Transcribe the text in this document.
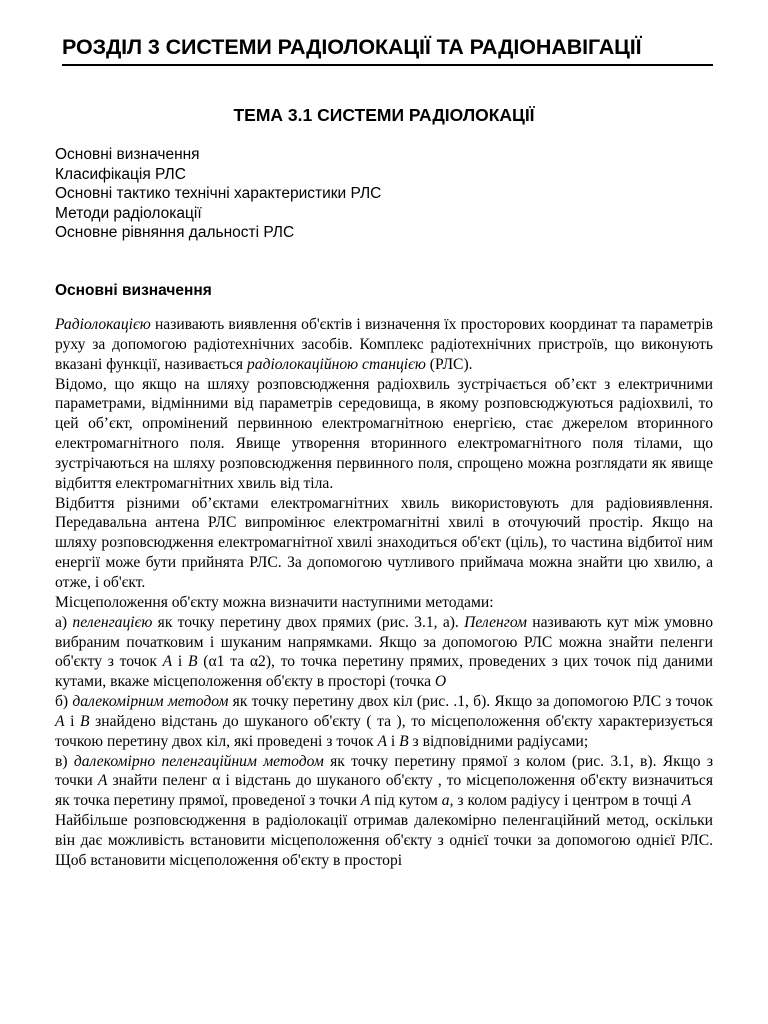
РОЗДІЛ 3 СИСТЕМИ РАДІОЛОКАЦІЇ ТА РАДІОНАВІГАЦІЇ
ТЕМА 3.1 СИСТЕМИ РАДІОЛОКАЦІЇ
Основні визначення
Класифікація РЛС
Основні тактико технічні характеристики РЛС
Методи радіолокації
Основне рівняння дальності РЛС
Основні визначення

Радіолокацією називають виявлення об'єктів і визначення їх просторових координат та параметрів руху за допомогою радіотехнічних засобів. Комплекс радіотехнічних пристроїв, що виконують вказані функції, називається радіолокаційною станцією (РЛС).

Відомо, що якщо на шляху розповсюдження радіохвиль зустрічається об’єкт з електричними параметрами, відмінними від параметрів середовища, в якому розповсюджуються радіохвилі, то цей об’єкт, опромінений первинною електромагнітною енергією, стає джерелом вторинного електромагнітного поля. Явище утворення вторинного електромагнітного поля тілами, що зустрічаються на шляху розповсюдження первинного поля, спрощено можна розглядати як явище відбиття електромагнітних хвиль від тіла.

Відбиття різними об’єктами електромагнітних хвиль використовують для радіовиявлення. Передавальна антена РЛС випромінює електромагнітні хвилі в оточуючий простір. Якщо на шляху розповсюдження електромагнітної хвилі знаходиться об'єкт (ціль), то частина відбитої ним енергії може бути прийнята РЛС. За допомогою чутливого приймача можна знайти цю хвилю, а отже, і об'єкт.

Місцеположення об'єкту можна визначити наступними методами:

а) пеленгацією як точку перетину двох прямих (рис. 3.1, а). Пеленгом називають кут між умовно вибраним початковим і шуканим напрямками. Якщо за допомогою РЛС можна знайти пеленги об'єкту з точок А і В (α1 та α2), то точка перетину прямих, проведених з цих точок під даними кутами, вкаже місцеположення об'єкту в просторі (точка О

б) далекомірним методом як точку перетину двох кіл (рис. .1, б). Якщо за допомогою РЛС з точок А і В знайдено відстань до шуканого об'єкту ( та ), то місцеположення об'єкту характеризується точкою перетину двох кіл, які проведені з точок А і В з відповідними радіусами;

в) далекомірно пеленгаційним методом як точку перетину прямої з колом (рис. 3.1, в). Якщо з точки А знайти пеленг α і відстань до шуканого об'єкту , то місцеположення об'єкту визначиться як точка перетину прямої, проведеної з точки А під кутом а, з колом радіусу і центром в точці А

Найбільше розповсюдження в радіолокації отримав далекомірно пеленгаційний метод, оскільки він дає можливість встановити місцеположення об'єкту з однієї точки за допомогою однієї РЛС. Щоб встановити місцеположення об'єкту в просторі
